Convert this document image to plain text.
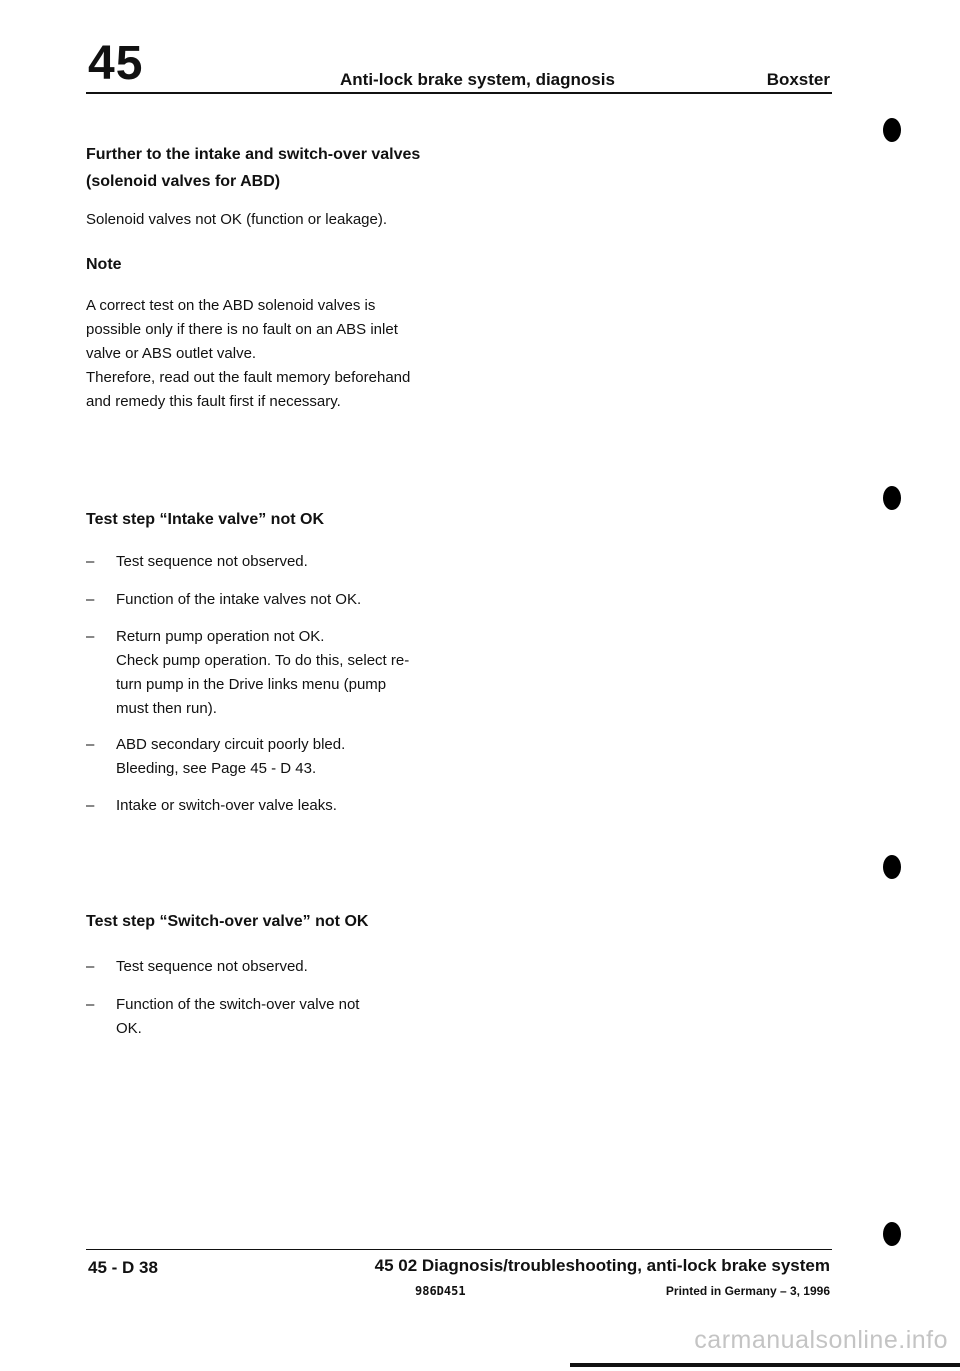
45	Anti-lock brake system, diagnosis	Boxster
Further to the intake and switch-over valves
(solenoid valves for ABD)
Solenoid valves not OK (function or leakage).
Note
A correct test on the ABD solenoid valves is
possible only if there is no fault on an ABS inlet
valve or ABS outlet valve.
Therefore, read out the fault memory beforehand
and remedy this fault first if necessary.
Test step “Intake valve” not OK
– Test sequence not observed.
– Function of the intake valves not OK.
– Return pump operation not OK.
Check pump operation. To do this, select re-
turn pump in the Drive links menu (pump
must then run).
– ABD secondary circuit poorly bled.
Bleeding, see Page 45 - D 43.
– Intake or switch-over valve leaks.
Test step “Switch-over valve” not OK
– Test sequence not observed.
– Function of the switch-over valve not
OK.
45 - D 38	45 02 Diagnosis/troubleshooting, anti-lock brake system
986D451	Printed in Germany – 3, 1996
carmanualsonline.info
